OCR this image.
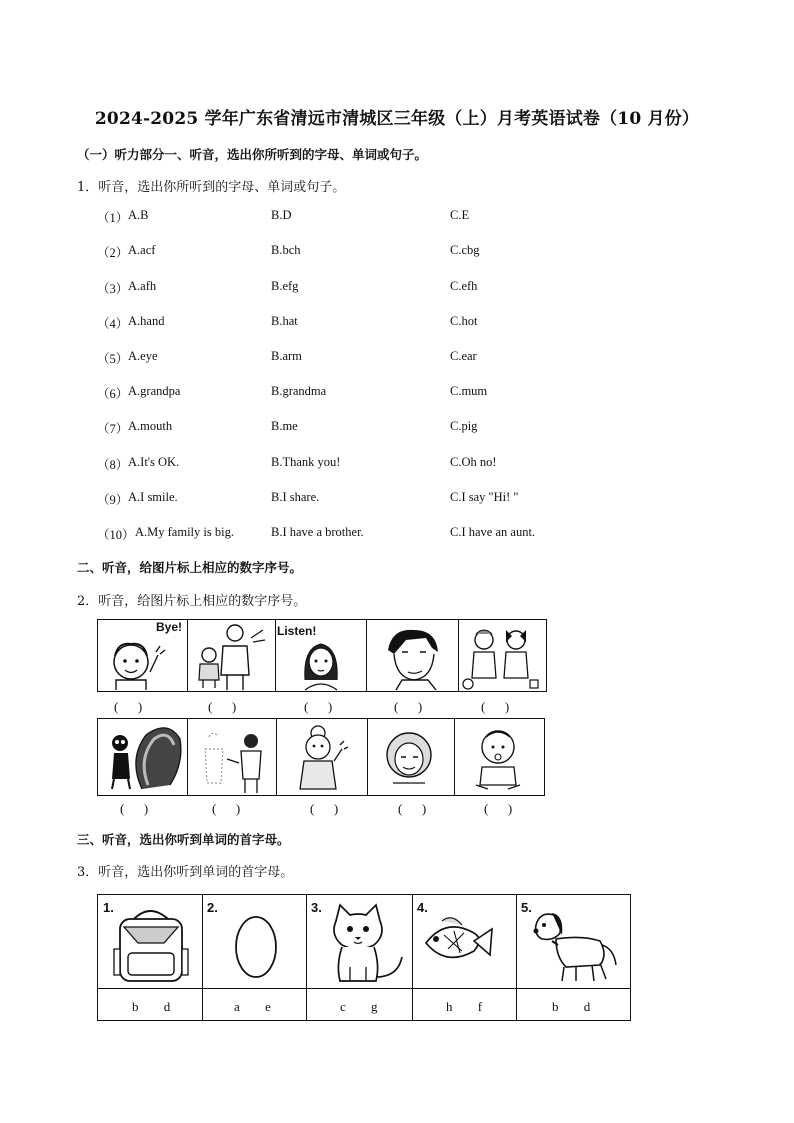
2024-2025 学年广东省清远市清城区三年级（上）月考英语试卷（10 月份）
（一）听力部分一、听音，选出你所听到的字母、单词或句子。
1．听音，选出你所听到的字母、单词或句子。
（1） A.B	B.D	C.E
（2） A.acf	B.bch	C.cbg
（3） A.afh	B.efg	C.efh
（4） A.hand	B.hat	C.hot
（5） A.eye	B.arm	C.ear
（6） A.grandpa	B.grandma	C.mum
（7） A.mouth	B.me	C.pig
（8） A.It's OK.	B.Thank you!	C.Oh no!
（9） A.I smile.	B.I share.	C.I say "Hi! "
（10） A.My family is big.	B.I have a brother.	C.I have an aunt.
二、听音，给图片标上相应的数字序号。
2．听音，给图片标上相应的数字序号。
Bye!	Listen!
(      )	(      )	(      )	(      )	(      )
(      )	(      )	(      )	(      )	(      )
三、听音，选出你听到单词的首字母。
3．听音，选出你听到单词的首字母。
1.
b d
2.
a e
3.
c g
4.
h f
5.
b d
